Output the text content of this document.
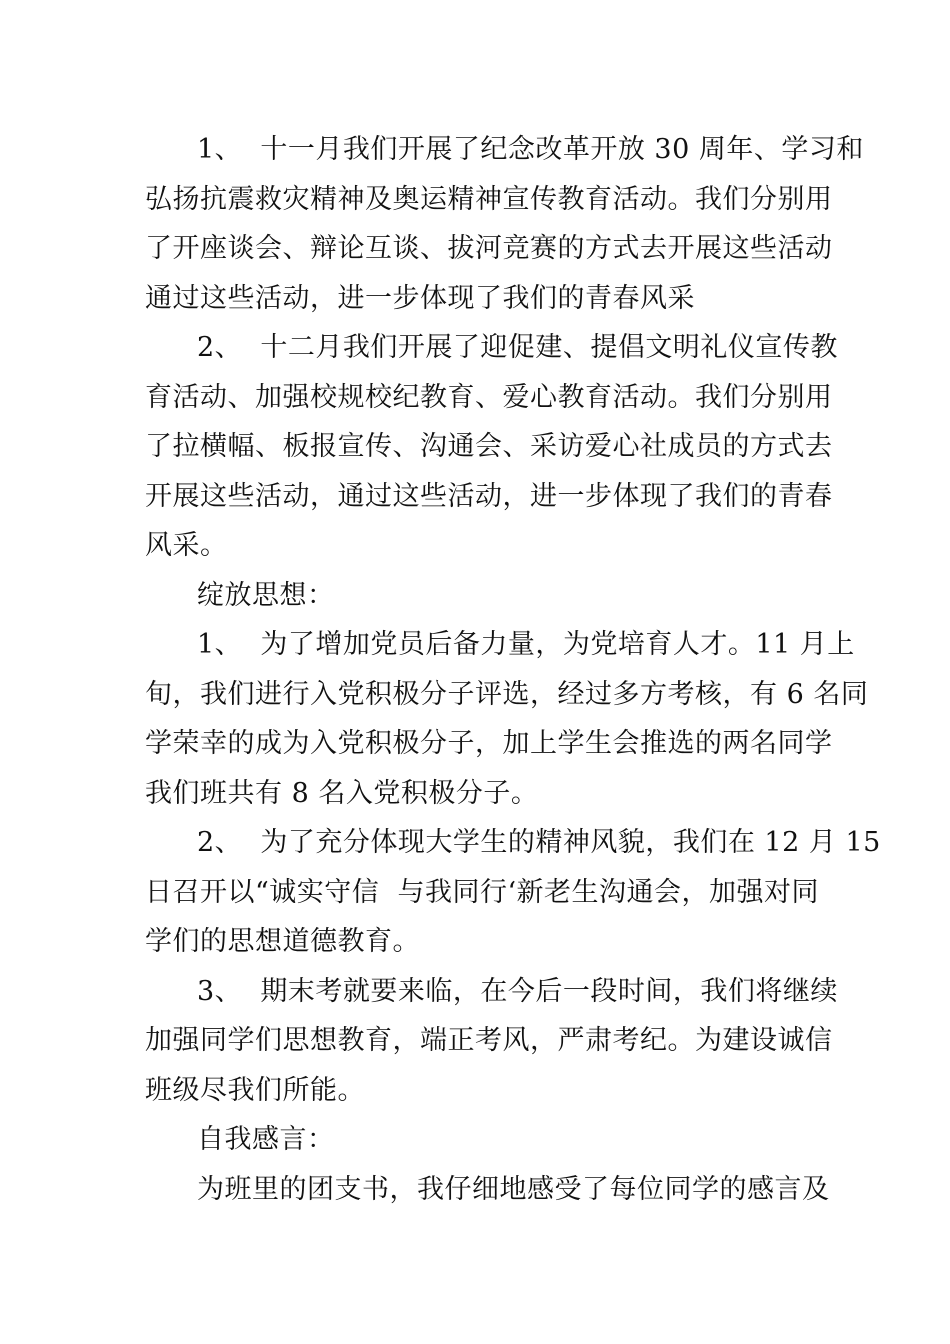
1、  十一月我们开展了纪念改革开放 30 周年、学习和
弘扬抗震救灾精神及奥运精神宣传教育活动。我们分别用
了开座谈会、辩论互谈、拔河竞赛的方式去开展这些活动
通过这些活动，进一步体现了我们的青春风采
2、  十二月我们开展了迎促建、提倡文明礼仪宣传教
育活动、加强校规校纪教育、爱心教育活动。我们分别用
了拉横幅、板报宣传、沟通会、采访爱心社成员的方式去
开展这些活动，通过这些活动，进一步体现了我们的青春
风采。
绽放思想：
1、  为了增加党员后备力量，为党培育人才。11 月上
旬，我们进行入党积极分子评选，经过多方考核，有 6 名同
学荣幸的成为入党积极分子，加上学生会推选的两名同学
我们班共有 8 名入党积极分子。
2、  为了充分体现大学生的精神风貌，我们在 12 月 15
日召开以“诚实守信  与我同行‘新老生沟通会，加强对同
学们的思想道德教育。
3、  期末考就要来临，在今后一段时间，我们将继续
加强同学们思想教育，端正考风，严肃考纪。为建设诚信
班级尽我们所能。
自我感言：
为班里的团支书，我仔细地感受了每位同学的感言及
